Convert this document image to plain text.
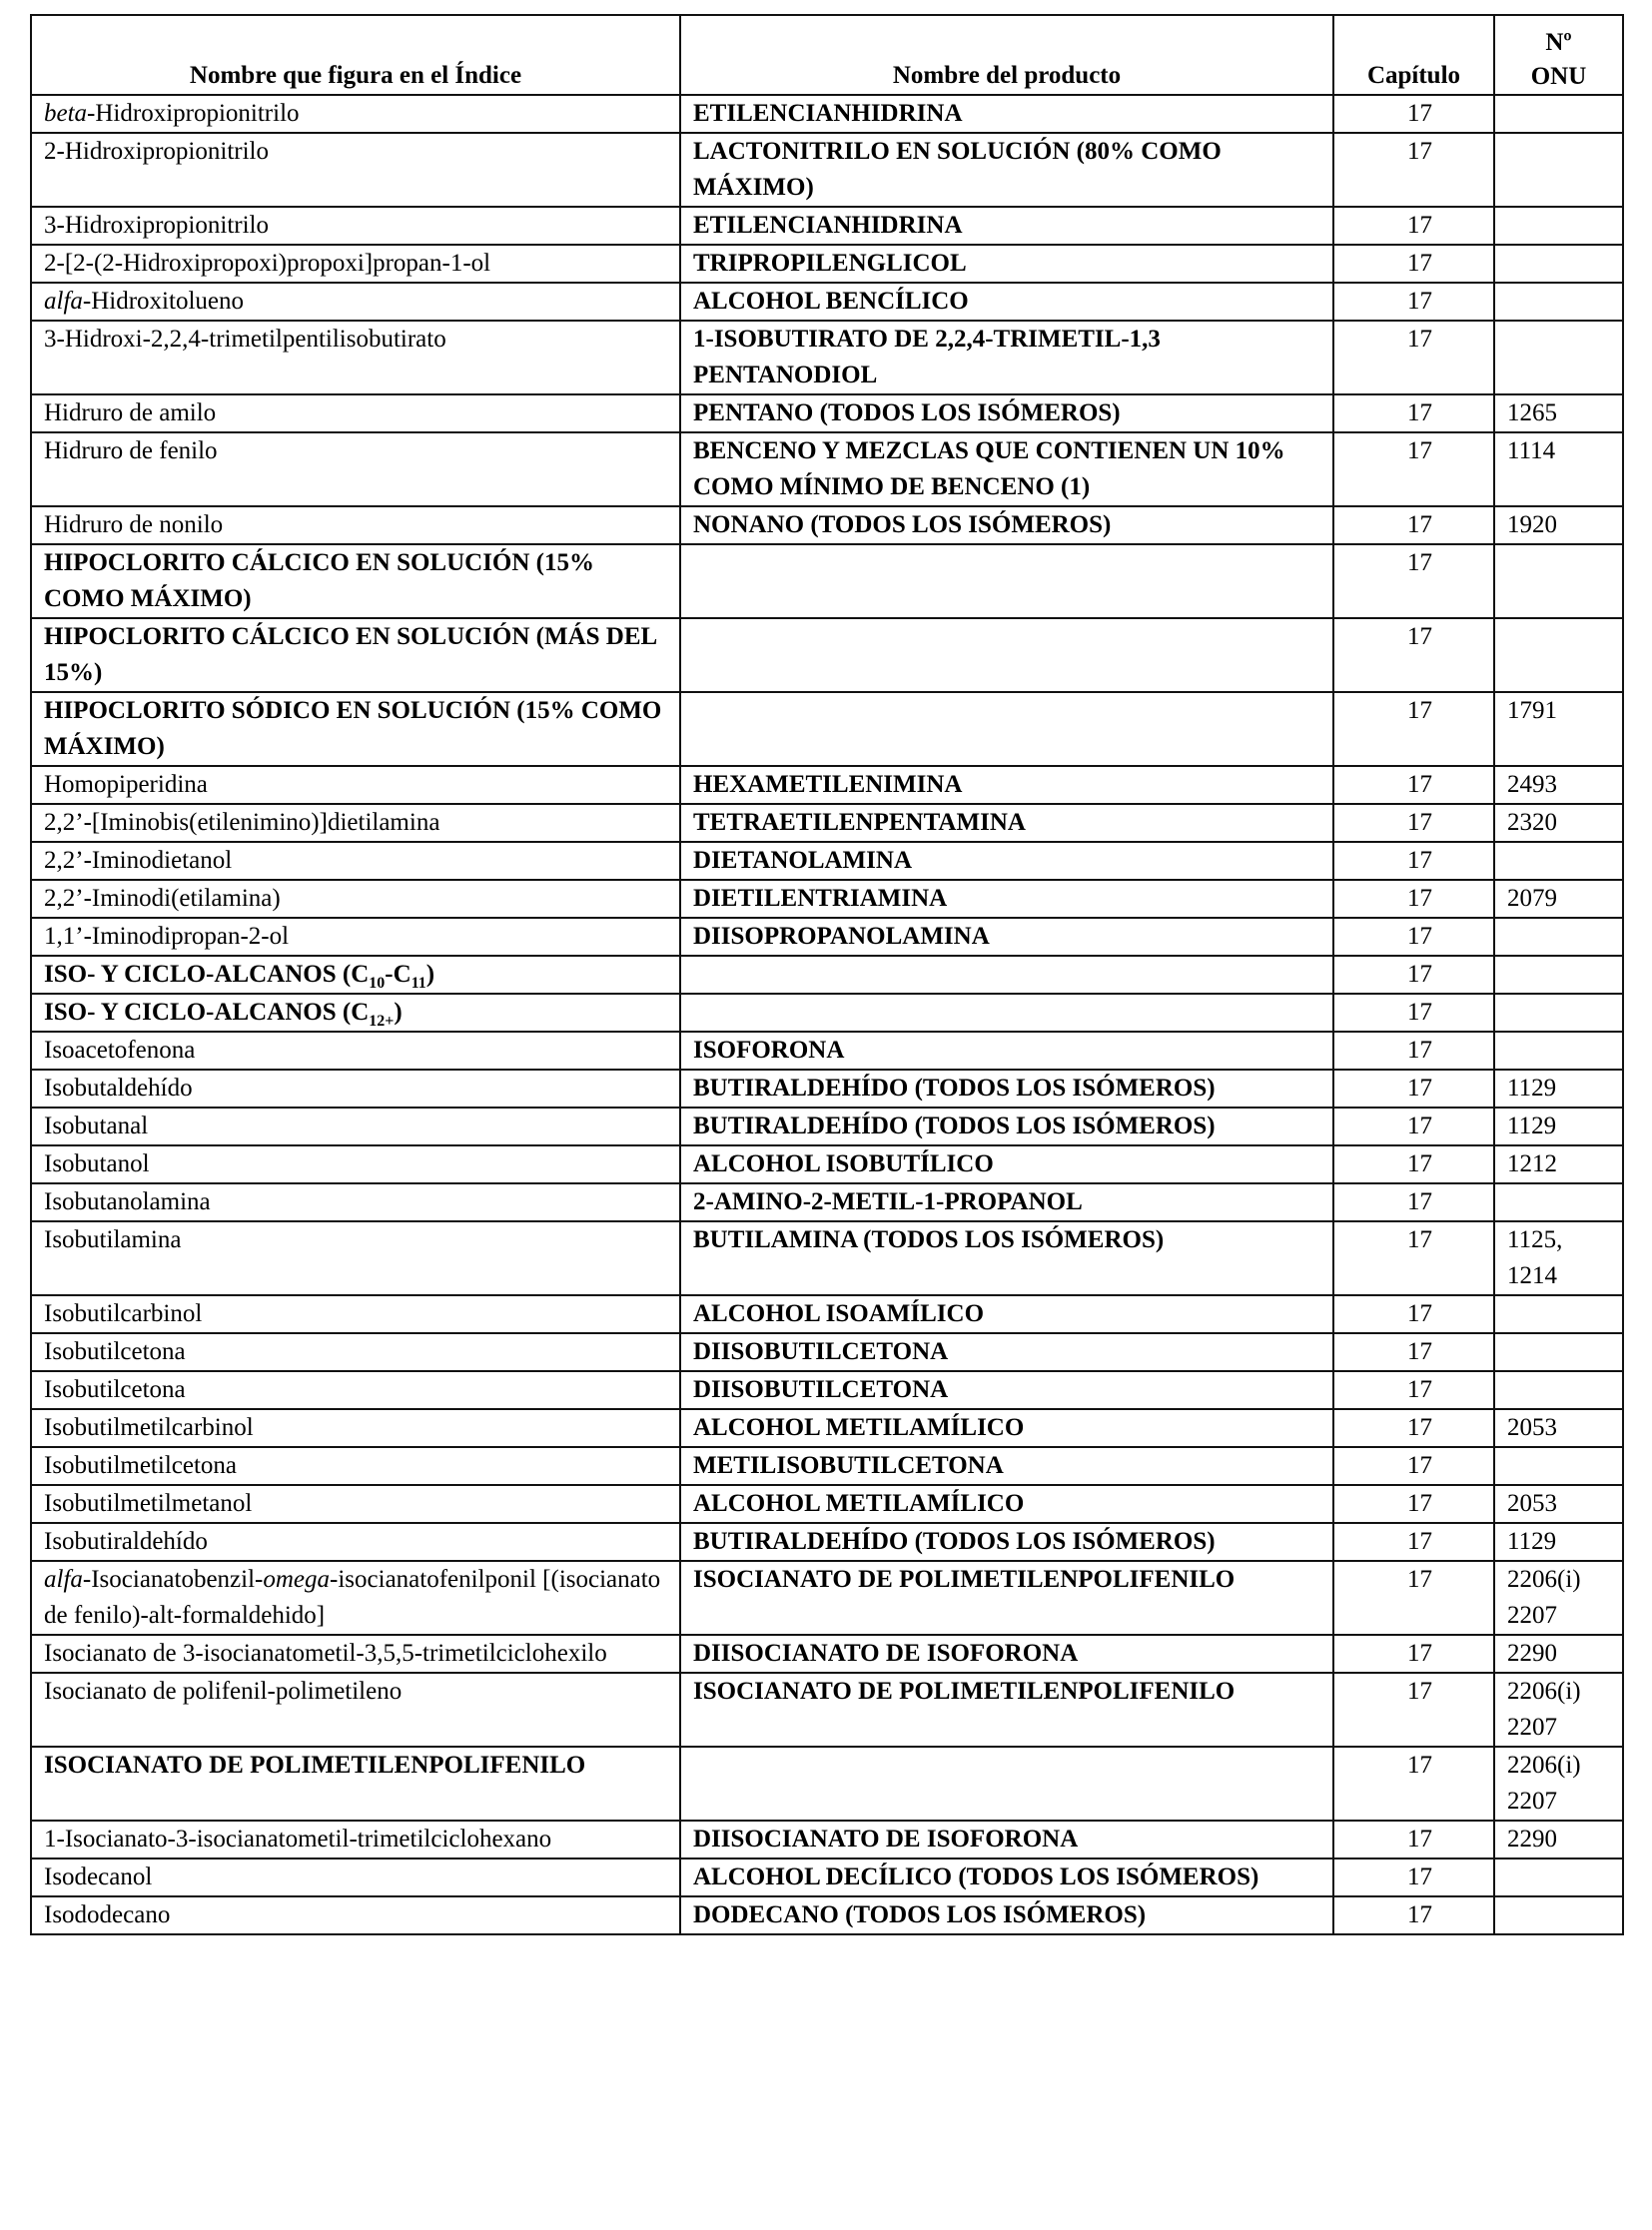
Nombre que figura en el Índice	Nombre del producto	Capítulo	Nº
ONU
beta-Hidroxipropionitrilo	ETILENCIANHIDRINA	17	
2-Hidroxipropionitrilo	LACTONITRILO EN SOLUCIÓN (80% COMO MÁXIMO)	17	
3-Hidroxipropionitrilo	ETILENCIANHIDRINA	17	
2-[2-(2-Hidroxipropoxi)propoxi]propan-1-ol	TRIPROPILENGLICOL	17	
alfa-Hidroxitolueno	ALCOHOL BENCÍLICO	17	
3-Hidroxi-2,2,4-trimetilpentilisobutirato	1-ISOBUTIRATO DE 2,2,4-TRIMETIL-1,3 PENTANODIOL	17	
Hidruro de amilo	PENTANO (TODOS LOS ISÓMEROS)	17	1265
Hidruro de fenilo	BENCENO Y MEZCLAS QUE CONTIENEN UN 10% COMO MÍNIMO DE BENCENO (1)	17	1114
Hidruro de nonilo	NONANO (TODOS LOS ISÓMEROS)	17	1920
HIPOCLORITO CÁLCICO EN SOLUCIÓN (15% COMO MÁXIMO)		17	
HIPOCLORITO CÁLCICO EN SOLUCIÓN (MÁS DEL 15%)		17	
HIPOCLORITO SÓDICO EN SOLUCIÓN (15% COMO MÁXIMO)		17	1791
Homopiperidina	HEXAMETILENIMINA	17	2493
2,2’-[Iminobis(etilenimino)]dietilamina	TETRAETILENPENTAMINA	17	2320
2,2’-Iminodietanol	DIETANOLAMINA	17	
2,2’-Iminodi(etilamina)	DIETILENTRIAMINA	17	2079
1,1’-Iminodipropan-2-ol	DIISOPROPANOLAMINA	17	
ISO- Y CICLO-ALCANOS $(C_{10}-C_{11})$		17	
ISO- Y CICLO-ALCANOS $(C_{12+})$		17	
Isoacetofenona	ISOFORONA	17	
Isobutaldehído	BUTIRALDEHÍDO (TODOS LOS ISÓMEROS)	17	1129
Isobutanal	BUTIRALDEHÍDO (TODOS LOS ISÓMEROS)	17	1129
Isobutanol	ALCOHOL ISOBUTÍLICO	17	1212
Isobutanolamina	2-AMINO-2-METIL-1-PROPANOL	17	
Isobutilamina	BUTILAMINA (TODOS LOS ISÓMEROS)	17	1125,
1214
Isobutilcarbinol	ALCOHOL ISOAMÍLICO	17	
Isobutilcetona	DIISOBUTILCETONA	17	
Isobutilcetona	DIISOBUTILCETONA	17	
Isobutilmetilcarbinol	ALCOHOL METILAMÍLICO	17	2053
Isobutilmetilcetona	METILISOBUTILCETONA	17	
Isobutilmetilmetanol	ALCOHOL METILAMÍLICO	17	2053
Isobutiraldehído	BUTIRALDEHÍDO (TODOS LOS ISÓMEROS)	17	1129
alfa-Isocianatobenzil-omega-isocianatofenilponil [(isocianato de fenilo)-alt-formaldehido]	ISOCIANATO DE POLIMETILENPOLIFENILO	17	2206(i)
2207
Isocianato de 3-isocianatometil-3,5,5-trimetilciclohexilo	DIISOCIANATO DE ISOFORONA	17	2290
Isocianato de polifenil-polimetileno	ISOCIANATO DE POLIMETILENPOLIFENILO	17	2206(i)
2207
ISOCIANATO DE POLIMETILENPOLIFENILO		17	2206(i)
2207
1-Isocianato-3-isocianatometil-trimetilciclohexano	DIISOCIANATO DE ISOFORONA	17	2290
Isodecanol	ALCOHOL DECÍLICO (TODOS LOS ISÓMEROS)	17	
Isododecano	DODECANO (TODOS LOS ISÓMEROS)	17	
